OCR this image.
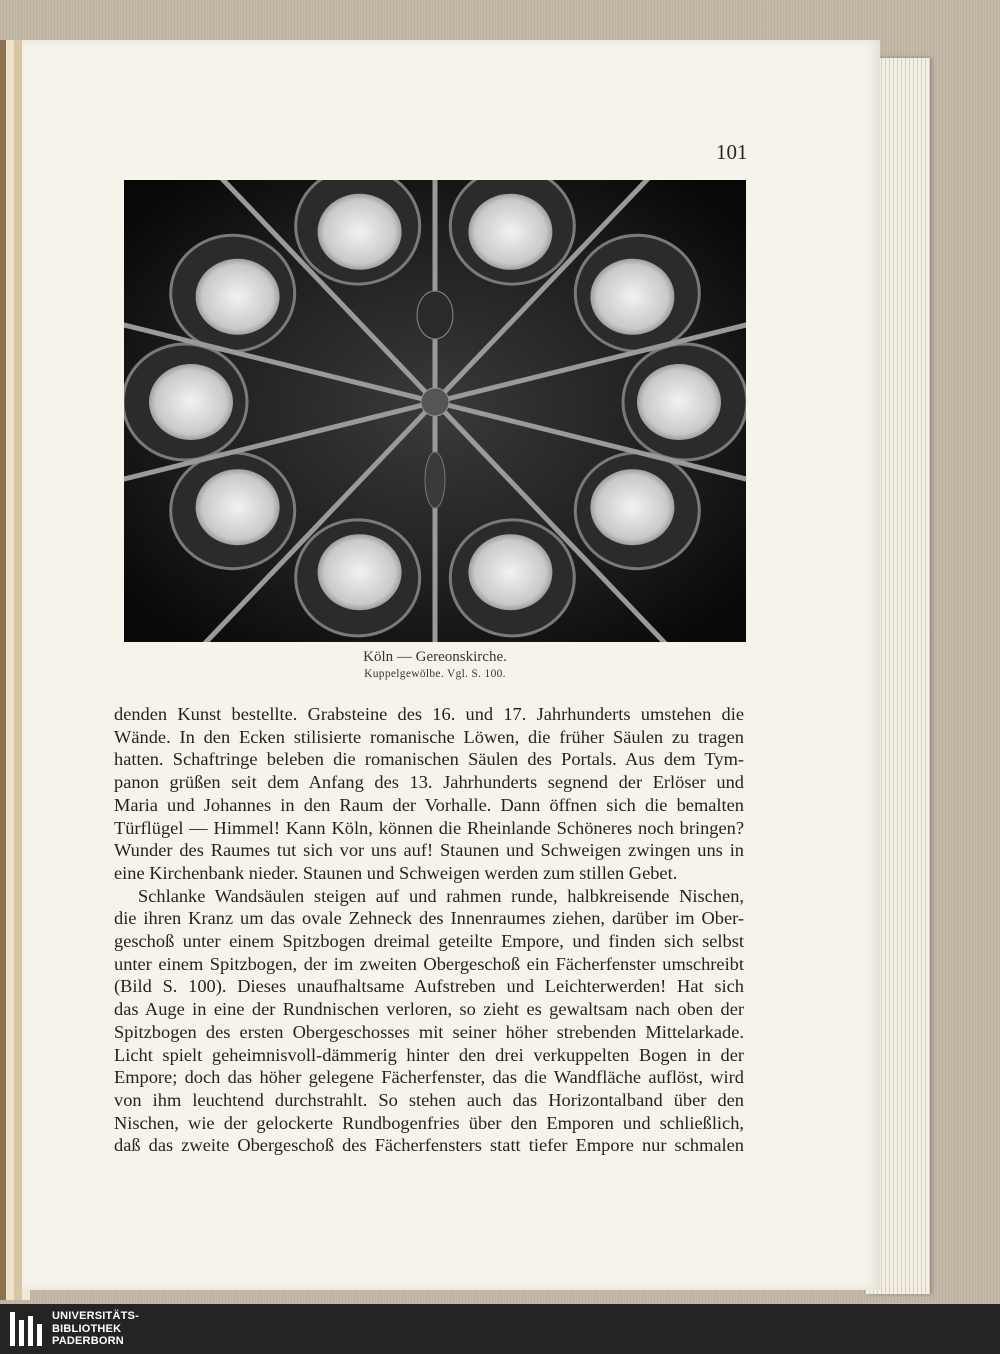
101
Köln — Gereonskirche.
Kuppelgewölbe. Vgl. S. 100.
denden Kunst bestellte. Grabsteine des 16. und 17. Jahrhunderts umstehen die
Wände. In den Ecken stilisierte romanische Löwen, die früher Säulen zu tragen
hatten. Schaftringe beleben die romanischen Säulen des Portals. Aus dem Tym-
panon grüßen seit dem Anfang des 13. Jahrhunderts segnend der Erlöser und
Maria und Johannes in den Raum der Vorhalle. Dann öffnen sich die bemalten
Türflügel — Himmel! Kann Köln, können die Rheinlande Schöneres noch bringen?
Wunder des Raumes tut sich vor uns auf! Staunen und Schweigen zwingen uns in
eine Kirchenbank nieder. Staunen und Schweigen werden zum stillen Gebet.
Schlanke Wandsäulen steigen auf und rahmen runde, halbkreisende Nischen,
die ihren Kranz um das ovale Zehneck des Innenraumes ziehen, darüber im Ober-
geschoß unter einem Spitzbogen dreimal geteilte Empore, und finden sich selbst
unter einem Spitzbogen, der im zweiten Obergeschoß ein Fächerfenster umschreibt
(Bild S. 100). Dieses unaufhaltsame Aufstreben und Leichterwerden! Hat sich
das Auge in eine der Rundnischen verloren, so zieht es gewaltsam nach oben der
Spitzbogen des ersten Obergeschosses mit seiner höher strebenden Mittelarkade.
Licht spielt geheimnisvoll-dämmerig hinter den drei verkuppelten Bogen in der
Empore; doch das höher gelegene Fächerfenster, das die Wandfläche auflöst, wird
von ihm leuchtend durchstrahlt. So stehen auch das Horizontalband über den
Nischen, wie der gelockerte Rundbogenfries über den Emporen und schließlich,
daß das zweite Obergeschoß des Fächerfensters statt tiefer Empore nur schmalen
UNIVERSITÄTS-
BIBLIOTHEK
PADERBORN
